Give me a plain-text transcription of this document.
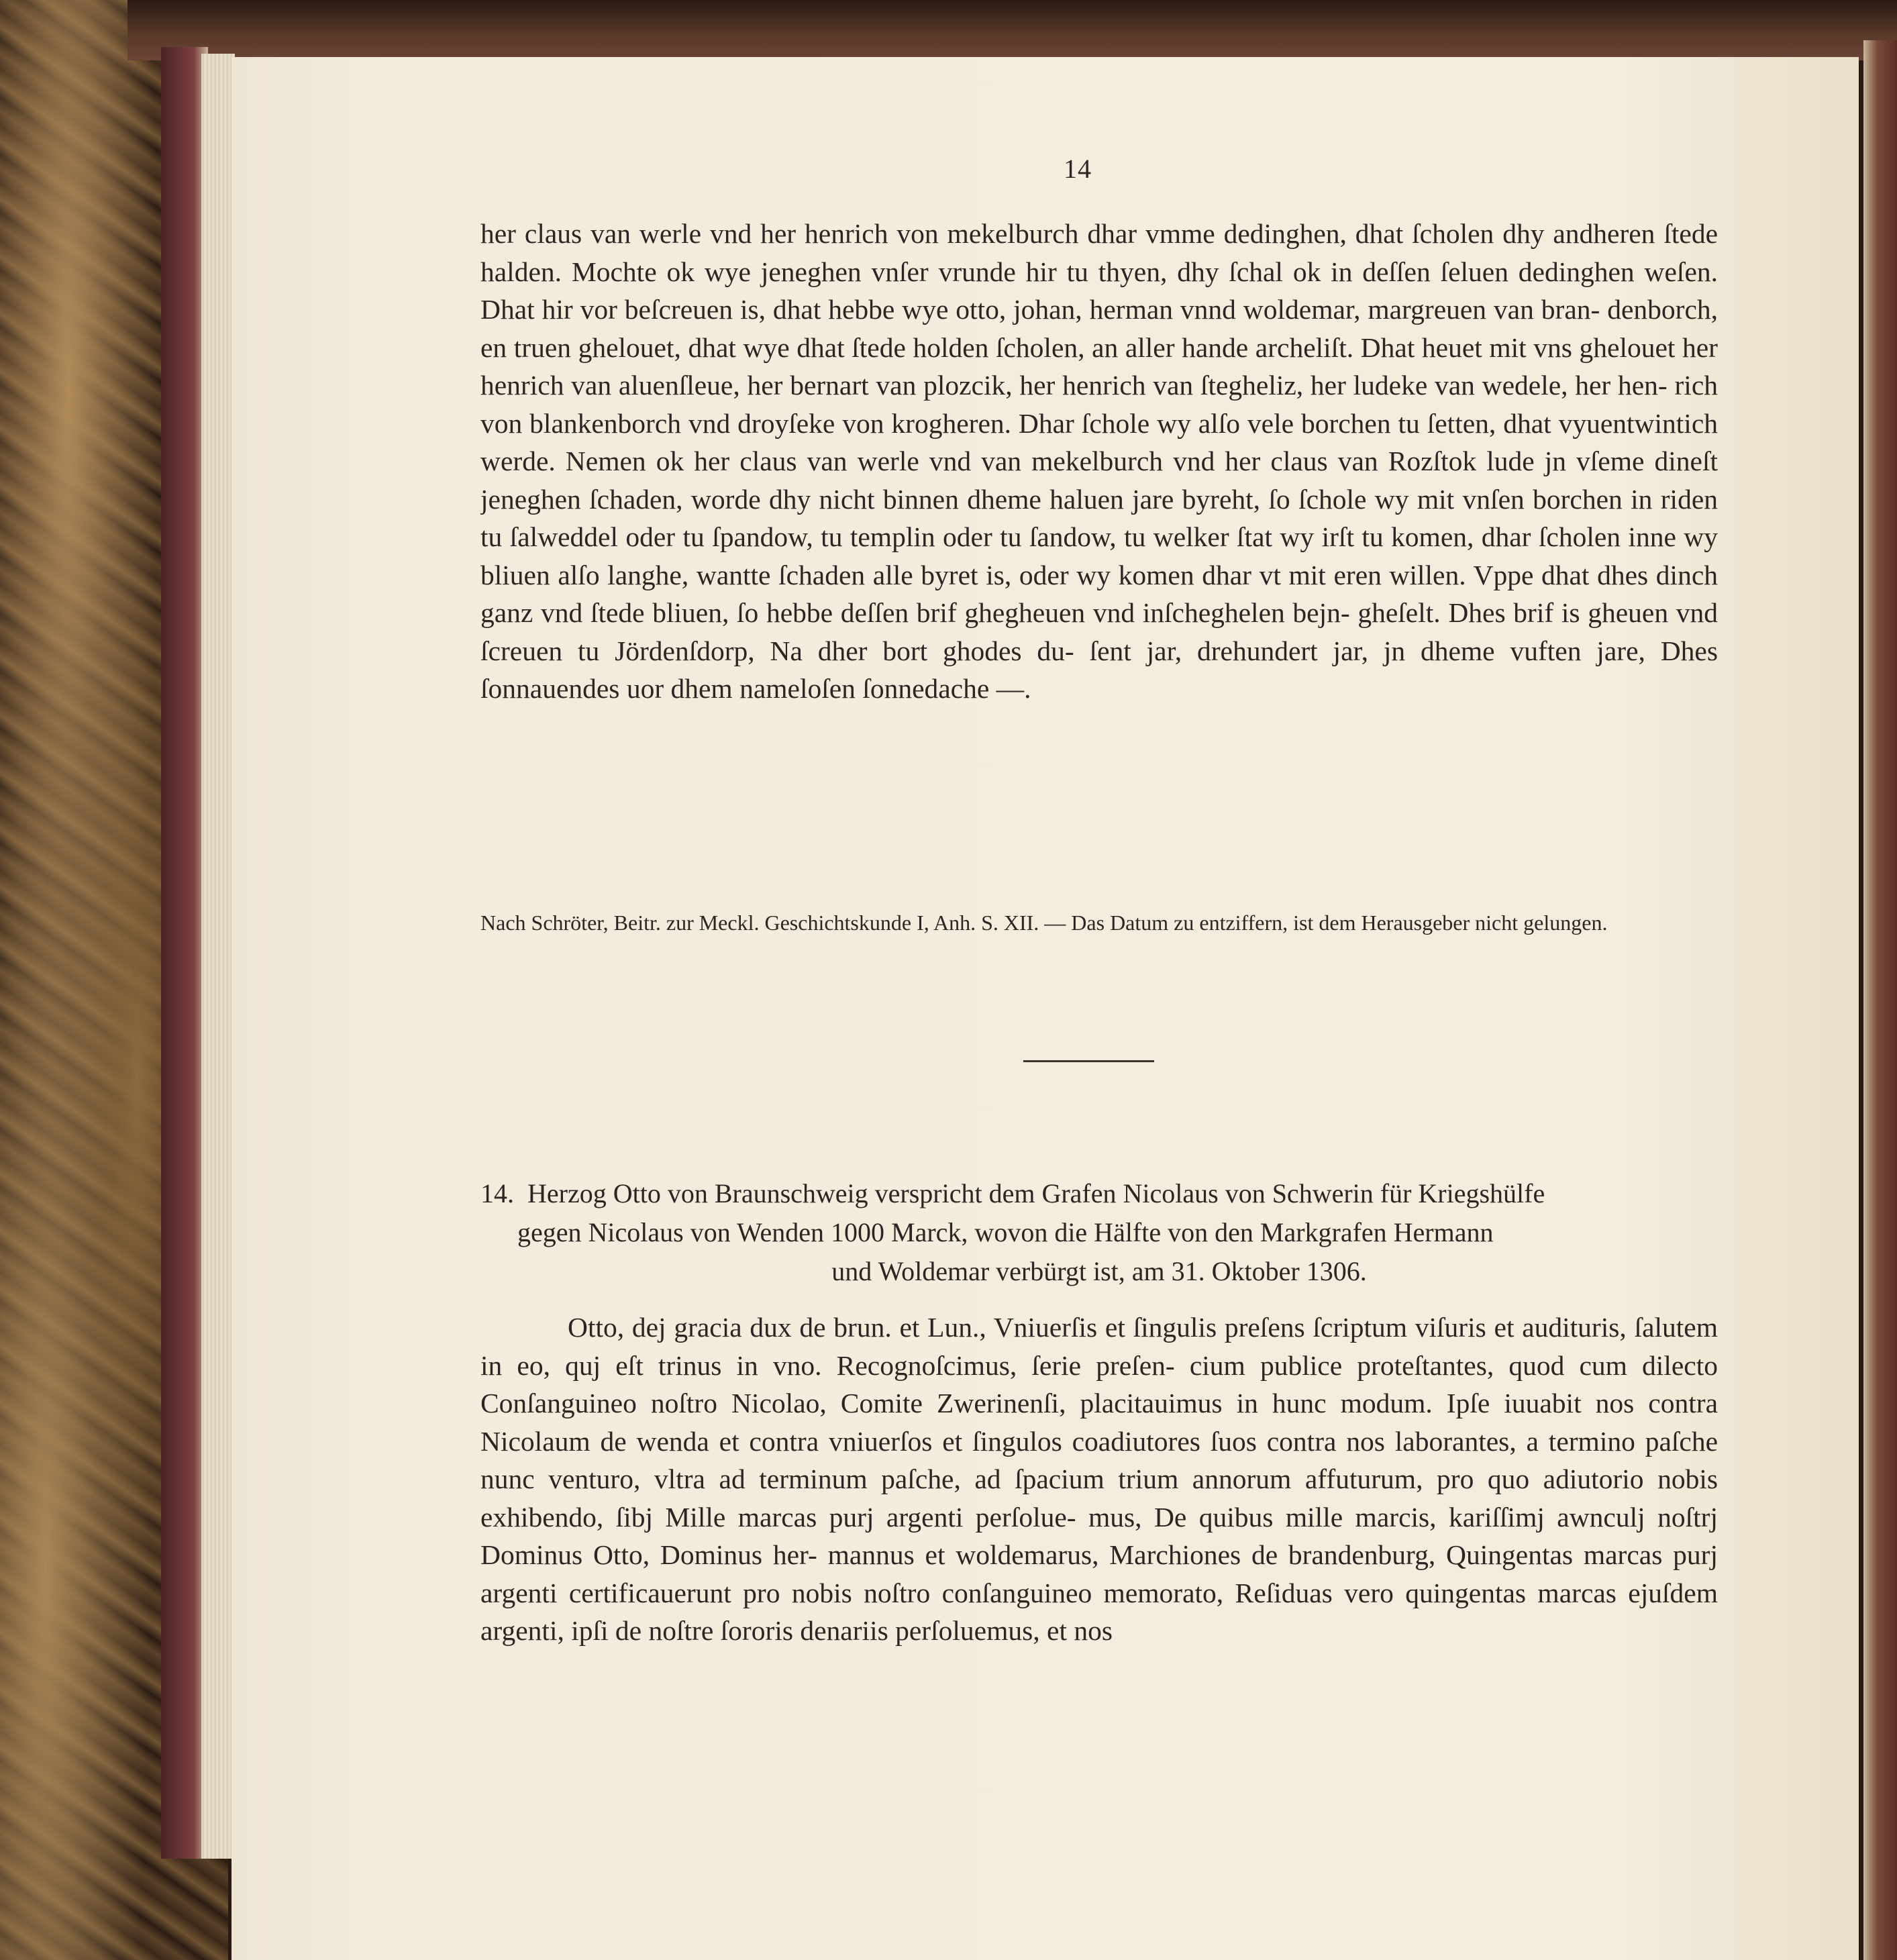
14
her claus van werle vnd her henrich von mekelburch dhar vmme dedinghen, dhat ſcholen dhy andheren ſtede halden. Mochte ok wye jeneghen vnſer vrunde hir tu thyen, dhy ſchal ok in deſſen ſeluen dedinghen weſen. Dhat hir vor beſcreuen is, dhat hebbe wye otto, johan, herman vnnd woldemar, margreuen van bran- denborch, en truen ghelouet, dhat wye dhat ſtede holden ſcholen, an aller hande archeliſt. Dhat heuet mit vns ghelouet her henrich van aluenſleue, her bernart van plozcik, her henrich van ſtegheliz, her ludeke van wedele, her hen- rich von blankenborch vnd droyſeke von krogheren. Dhar ſchole wy alſo vele borchen tu ſetten, dhat vyuentwintich werde. Nemen ok her claus van werle vnd van mekelburch vnd her claus van Rozſtok lude jn vſeme dineſt jeneghen ſchaden, worde dhy nicht binnen dheme haluen jare byreht, ſo ſchole wy mit vnſen borchen in riden tu ſalweddel oder tu ſpandow, tu templin oder tu ſandow, tu welker ſtat wy irſt tu komen, dhar ſcholen inne wy bliuen alſo langhe, wantte ſchaden alle byret is, oder wy komen dhar vt mit eren willen. Vppe dhat dhes dinch ganz vnd ſtede bliuen, ſo hebbe deſſen brif ghegheuen vnd inſcheghelen bejn- gheſelt. Dhes brif is gheuen vnd ſcreuen tu Jördenſdorp, Na dher bort ghodes du- ſent jar, drehundert jar, jn dheme vuften jare, Dhes ſonnauendes uor dhem nameloſen ſonnedache —.
Nach Schröter, Beitr. zur Meckl. Geschichtskunde I, Anh. S. XII. — Das Datum zu entziffern, ist dem Herausgeber nicht gelungen.
14. Herzog Otto von Braunschweig verspricht dem Grafen Nicolaus von Schwerin für Kriegshülfe
gegen Nicolaus von Wenden 1000 Marck, wovon die Hälfte von den Markgrafen Hermann
und Woldemar verbürgt ist, am 31. Oktober 1306.
Otto, dej gracia dux de brun. et Lun., Vniuerſis et ſingulis preſens ſcriptum viſuris et audituris, ſalutem in eo, quj eſt trinus in vno. Recognoſcimus, ſerie preſen- cium publice proteſtantes, quod cum dilecto Conſanguineo noſtro Nicolao, Comite Zwerinenſi, placitauimus in hunc modum. Ipſe iuuabit nos contra Nicolaum de wenda et contra vniuerſos et ſingulos coadiutores ſuos contra nos laborantes, a termino paſche nunc venturo, vltra ad terminum paſche, ad ſpacium trium annorum affuturum, pro quo adiutorio nobis exhibendo, ſibj Mille marcas purj argenti perſolue- mus, De quibus mille marcis, kariſſimj awnculj noſtrj Dominus Otto, Dominus her- mannus et woldemarus, Marchiones de brandenburg, Quingentas marcas purj argenti certificauerunt pro nobis noſtro conſanguineo memorato, Reſiduas vero quingentas marcas ejuſdem argenti, ipſi de noſtre ſororis denariis perſoluemus, et nos
